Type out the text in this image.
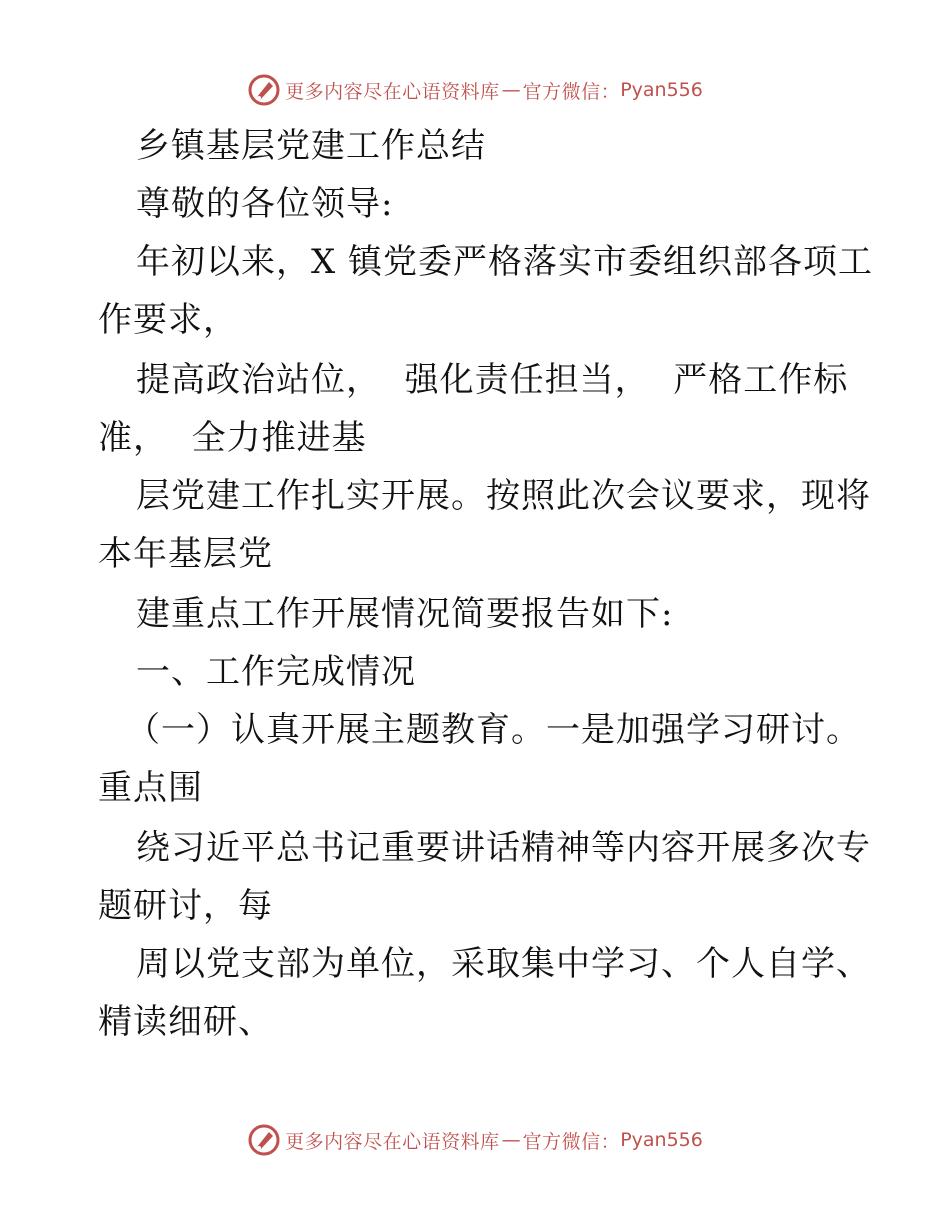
更多内容尽在心语资料库 — 官方微信： Pyan556
乡镇基层党建工作总结
尊敬的各位领导:
年初以来，X 镇党委严格落实市委组织部各项工
作要求，
提高政治站位，  强化责任担当，  严格工作标
准，  全力推进基
层党建工作扎实开展。按照此次会议要求，现将
本年基层党
建重点工作开展情况简要报告如下:
一、工作完成情况
（一）认真开展主题教育。一是加强学习研讨。
重点围
绕习近平总书记重要讲话精神等内容开展多次专
题研讨，每
周以党支部为单位，采取集中学习、个人自学、
精读细研、
更多内容尽在心语资料库 — 官方微信： Pyan556
